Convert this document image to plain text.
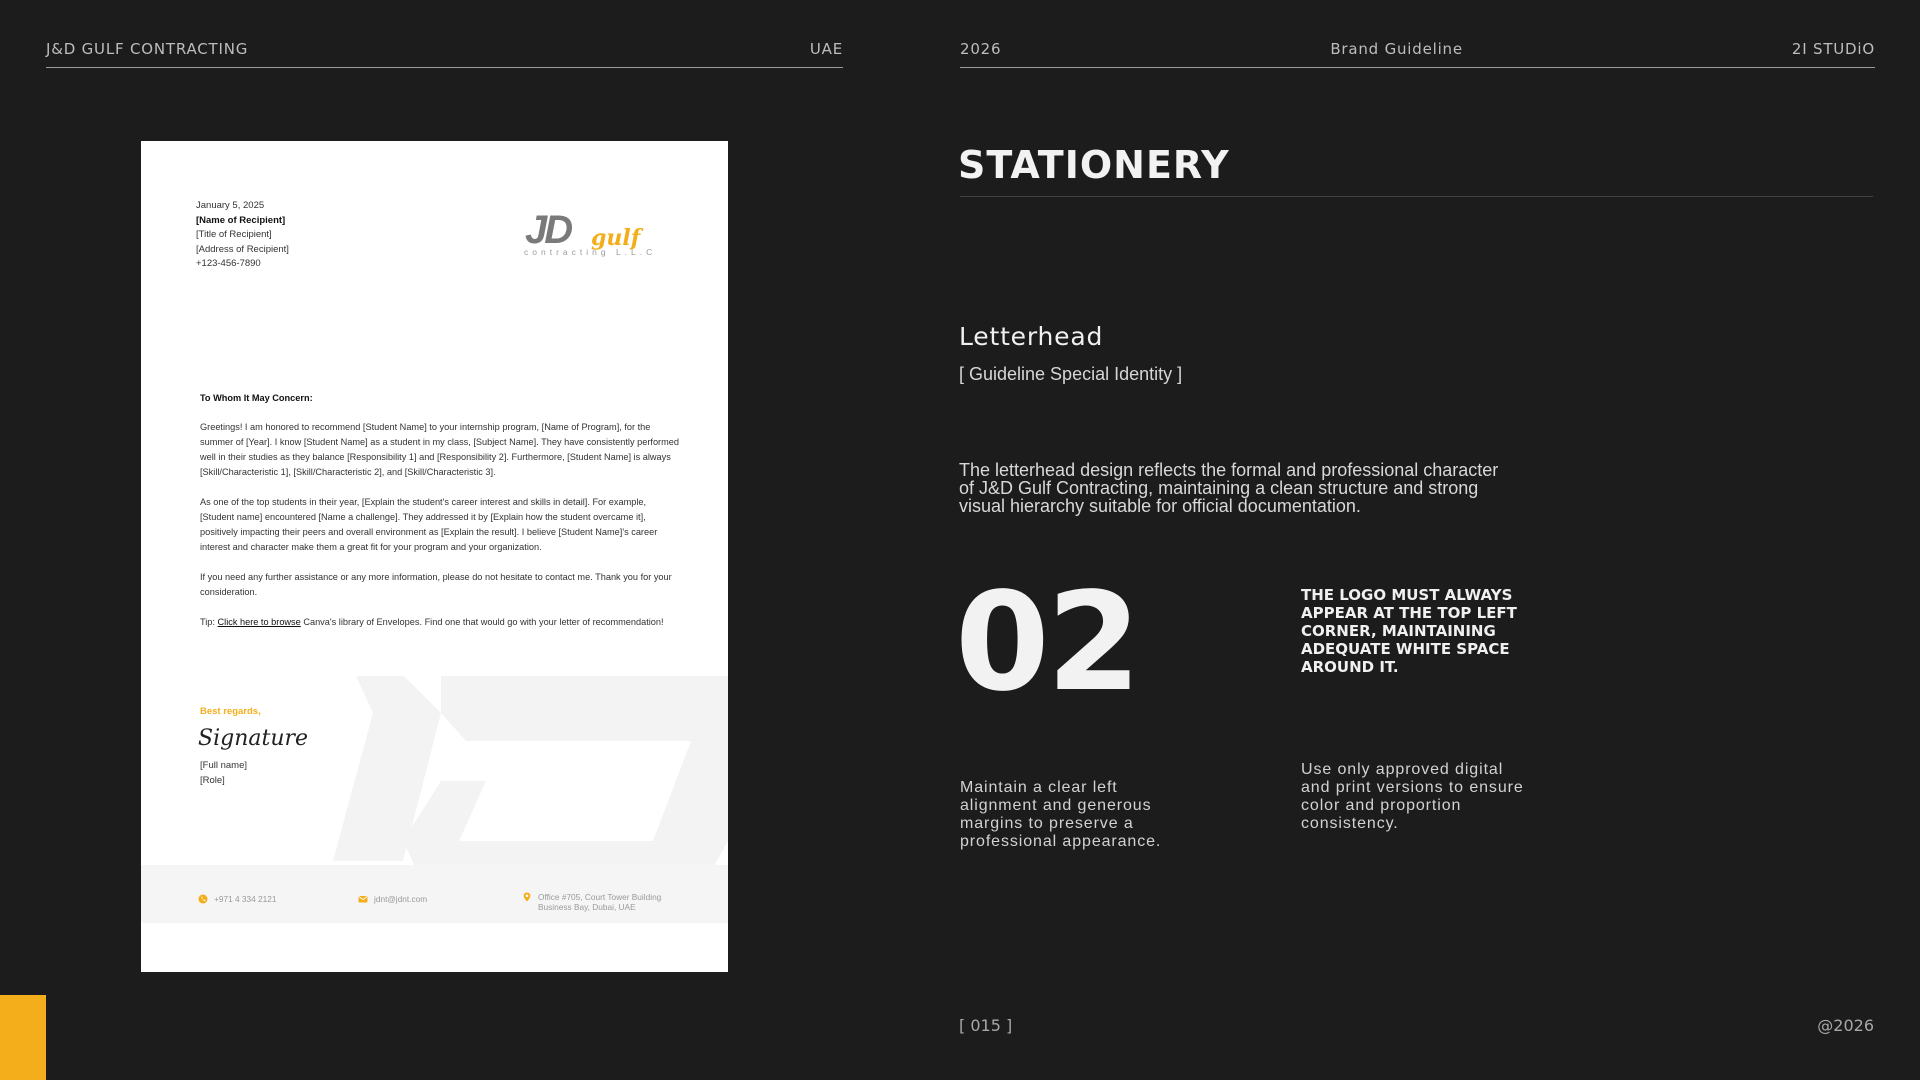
J&D GULF CONTRACTING	UAE	2026	Brand Guideline	2I STUDiO
January 5, 2025
[Name of Recipient]
[Title of Recipient]
[Address of Recipient]
+123-456-7890
JD gulf
contracting L.L.C
To Whom It May Concern:

Greetings! I am honored to recommend [Student Name] to your internship program, [Name of Program], for the summer of [Year]. I know [Student Name] as a student in my class, [Subject Name]. They have consistently performed well in their studies as they balance [Responsibility 1] and [Responsibility 2]. Furthermore, [Student Name] is always [Skill/Characteristic 1], [Skill/Characteristic 2], and [Skill/Characteristic 3].

As one of the top students in their year, [Explain the student's career interest and skills in detail]. For example, [Student name] encountered [Name a challenge]. They addressed it by [Explain how the student overcame it], positively impacting their peers and overall environment as [Explain the result]. I believe [Student Name]'s career interest and character make them a great fit for your program and your organization.

If you need any further assistance or any more information, please do not hesitate to contact me. Thank you for your consideration.

Tip: Click here to browse Canva's library of Envelopes. Find one that would go with your letter of recommendation!

Best regards,
Signature
[Full name]
[Role]
+971 4 334 2121	jdnt@jdnt.com	Office #705, Court Tower Building
Business Bay, Dubai, UAE
STATIONERY
Letterhead
[ Guideline Special Identity ]
The letterhead design reflects the formal and professional character of J&D Gulf Contracting, maintaining a clean structure and strong visual hierarchy suitable for official documentation.
02	THE LOGO MUST ALWAYS APPEAR AT THE TOP LEFT CORNER, MAINTAINING ADEQUATE WHITE SPACE AROUND IT.
Maintain a clear left alignment and generous margins to preserve a professional appearance.
Use only approved digital and print versions to ensure color and proportion consistency.
[ 015 ]	@2026
